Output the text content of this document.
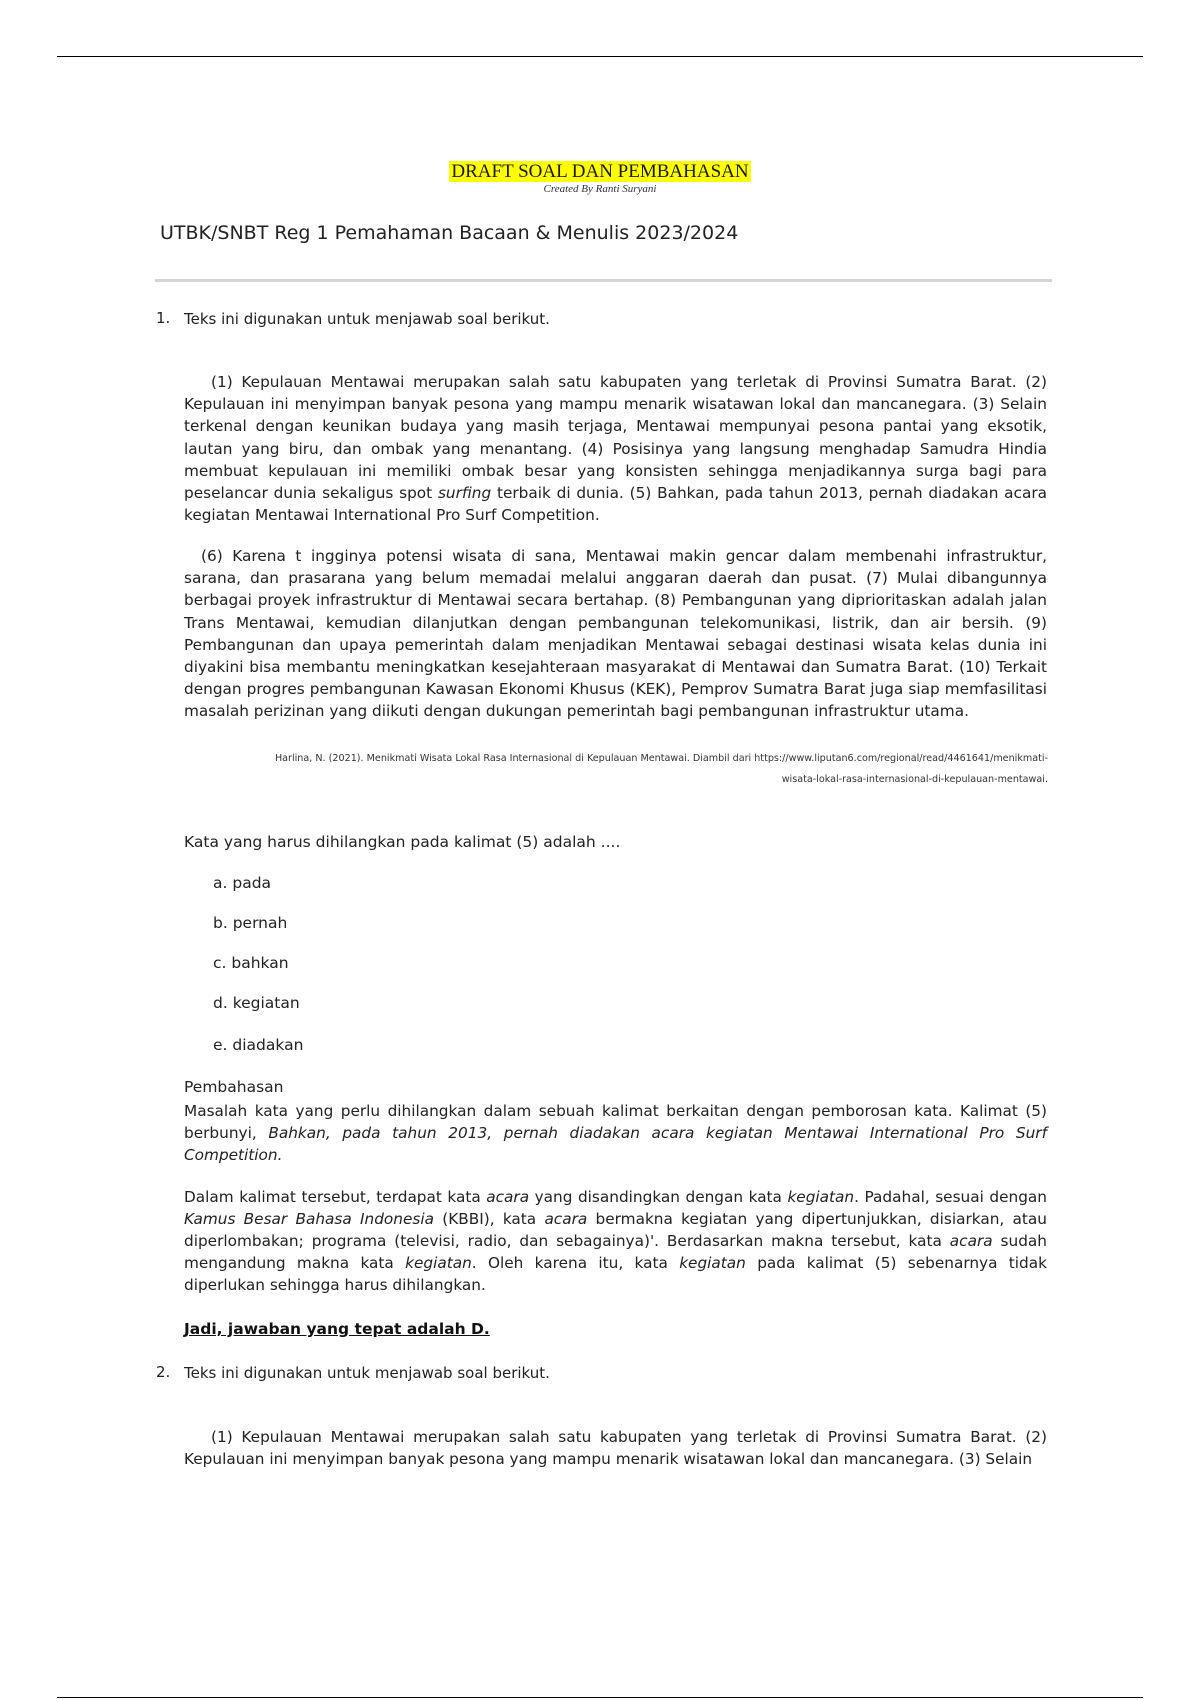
DRAFT SOAL DAN PEMBAHASAN
Created By Ranti Suryani
UTBK/SNBT Reg 1 Pemahaman Bacaan & Menulis 2023/2024
1. Teks ini digunakan untuk menjawab soal berikut.

(1) Kepulauan Mentawai merupakan salah satu kabupaten yang terletak di Provinsi Sumatra Barat. (2) Kepulauan ini menyimpan banyak pesona yang mampu menarik wisatawan lokal dan mancanegara. (3) Selain terkenal dengan keunikan budaya yang masih terjaga, Mentawai mempunyai pesona pantai yang eksotik, lautan yang biru, dan ombak yang menantang. (4) Posisinya yang langsung menghadap Samudra Hindia membuat kepulauan ini memiliki ombak besar yang konsisten sehingga menjadikannya surga bagi para peselancar dunia sekaligus spot surfing terbaik di dunia. (5) Bahkan, pada tahun 2013, pernah diadakan acara kegiatan Mentawai International Pro Surf Competition.

(6) Karena t ingginya potensi wisata di sana, Mentawai makin gencar dalam membenahi infrastruktur, sarana, dan prasarana yang belum memadai melalui anggaran daerah dan pusat. (7) Mulai dibangunnya berbagai proyek infrastruktur di Mentawai secara bertahap. (8) Pembangunan yang diprioritaskan adalah jalan Trans Mentawai, kemudian dilanjutkan dengan pembangunan telekomunikasi, listrik, dan air bersih. (9) Pembangunan dan upaya pemerintah dalam menjadikan Mentawai sebagai destinasi wisata kelas dunia ini diyakini bisa membantu meningkatkan kesejahteraan masyarakat di Mentawai dan Sumatra Barat. (10) Terkait dengan progres pembangunan Kawasan Ekonomi Khusus (KEK), Pemprov Sumatra Barat juga siap memfasilitasi masalah perizinan yang diikuti dengan dukungan pemerintah bagi pembangunan infrastruktur utama.

Harlina, N. (2021). Menikmati Wisata Lokal Rasa Internasional di Kepulauan Mentawai. Diambil dari https://www.liputan6.com/regional/read/4461641/menikmati-
wisata-lokal-rasa-internasional-di-kepulauan-mentawai.
Kata yang harus dihilangkan pada kalimat (5) adalah ....
a. pada
b. pernah
c. bahkan
d. kegiatan
e. diadakan
Pembahasan

Masalah kata yang perlu dihilangkan dalam sebuah kalimat berkaitan dengan pemborosan kata. Kalimat (5) berbunyi, Bahkan, pada tahun 2013, pernah diadakan acara kegiatan Mentawai International Pro Surf Competition.

Dalam kalimat tersebut, terdapat kata acara yang disandingkan dengan kata kegiatan. Padahal, sesuai dengan Kamus Besar Bahasa Indonesia (KBBI), kata acara bermakna kegiatan yang dipertunjukkan, disiarkan, atau diperlombakan; programa (televisi, radio, dan sebagainya)'. Berdasarkan makna tersebut, kata acara sudah mengandung makna kata kegiatan. Oleh karena itu, kata kegiatan pada kalimat (5) sebenarnya tidak diperlukan sehingga harus dihilangkan.

Jadi, jawaban yang tepat adalah D.
2. Teks ini digunakan untuk menjawab soal berikut.

(1) Kepulauan Mentawai merupakan salah satu kabupaten yang terletak di Provinsi Sumatra Barat. (2) Kepulauan ini menyimpan banyak pesona yang mampu menarik wisatawan lokal dan mancanegara. (3) Selain
